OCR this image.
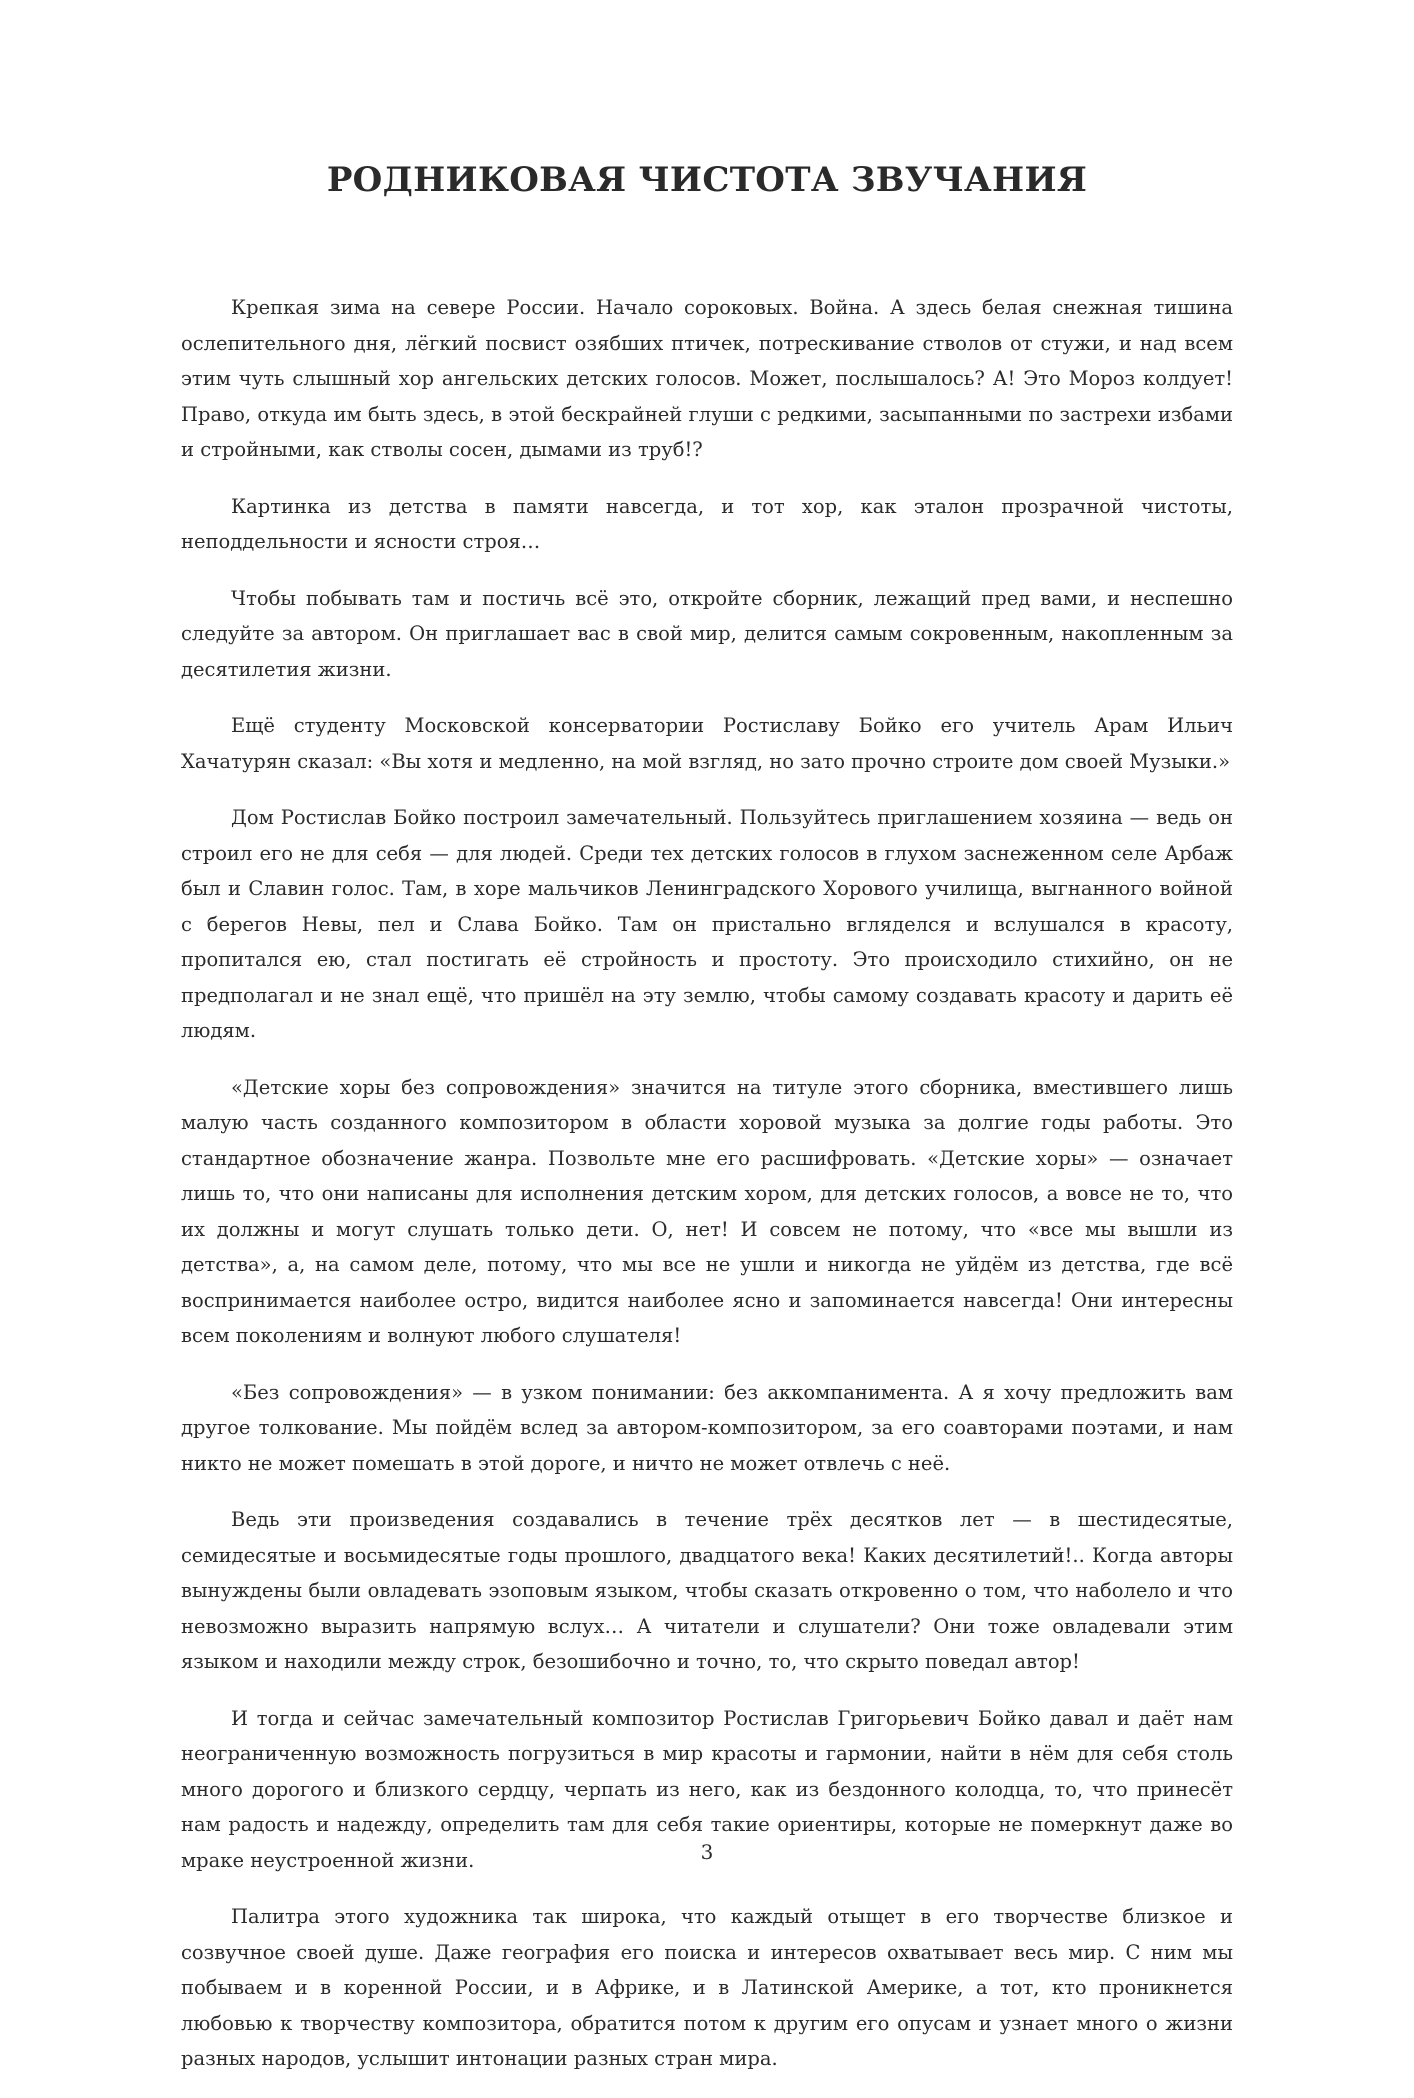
РОДНИКОВАЯ ЧИСТОТА ЗВУЧАНИЯ

Крепкая зима на севере России. Начало сороковых. Война. А здесь белая снежная тишина ослепительного дня, лёгкий посвист озябших птичек, потрескивание стволов от стужи, и над всем этим чуть слышный хор ангельских детских голосов. Может, послышалось? А! Это Мороз колдует! Право, откуда им быть здесь, в этой бескрайней глуши с редкими, засыпанными по застрехи избами и стройными, как стволы сосен, дымами из труб!?

Картинка из детства в памяти навсегда, и тот хор, как эталон прозрачной чистоты, неподдельности и ясности строя…

Чтобы побывать там и постичь всё это, откройте сборник, лежащий пред вами, и неспешно следуйте за автором. Он приглашает вас в свой мир, делится самым сокровенным, накопленным за десятилетия жизни.

Ещё студенту Московской консерватории Ростиславу Бойко его учитель Арам Ильич Хачатурян сказал: «Вы хотя и медленно, на мой взгляд, но зато прочно строите дом своей Музыки.»

Дом Ростислав Бойко построил замечательный. Пользуйтесь приглашением хозяина — ведь он строил его не для себя — для людей. Среди тех детских голосов в глухом заснеженном селе Арбаж был и Славин голос. Там, в хоре мальчиков Ленинградского Хорового училища, выгнанного войной с берегов Невы, пел и Слава Бойко. Там он пристально вглядeлся и вслушался в красоту, пропитался ею, стал постигать её стройность и простоту. Это происходило стихийно, он не предполагал и не знал ещё, что пришёл на эту землю, чтобы самому создавать красоту и дарить её людям.

«Детские хоры без сопровождения» значится на титуле этого сборника, вместившего лишь малую часть созданного композитором в области хоровой музыка за долгие годы работы. Это стандартное обозначение жанра. Позвольте мне его расшифровать. «Детские хоры» — означает лишь то, что они написаны для исполнения детским хором, для детских голосов, а вовсе не то, что их должны и могут слушать только дети. О, нет! И совсем не потому, что «все мы вышли из детства», а, на самом деле, потому, что мы все не ушли и никогда не уйдём из детства, где всё воспринимается наиболее остро, видится наиболее ясно и запоминается навсегда! Они интересны всем поколениям и волнуют любого слушателя!

«Без сопровождения» — в узком понимании: без аккомпанимента. А я хочу предложить вам другое толкование. Мы пойдём вслед за автором-композитором, за его соавторами поэтами, и нам никто не может помешать в этой дороге, и ничто не может отвлечь с неё.

Ведь эти произведения создавались в течение трёх десятков лет — в шестидесятые, семидесятые и восьмидесятые годы прошлого, двадцатого века! Каких десятилетий!.. Когда авторы вынуждены были овладевать эзоповым языком, чтобы сказать откровенно о том, что наболело и что невозможно выразить напрямую вслух… А читатели и слушатели? Они тоже овладевали этим языком и находили между строк, безошибочно и точно, то, что скрыто поведал автор!

И тогда и сейчас замечательный композитор Ростислав Григорьевич Бойко давал и даёт нам неограниченную возможность погрузиться в мир красоты и гармонии, найти в нём для себя столь много дорогого и близкого сердцу, черпать из него, как из бездонного колодца, то, что принесёт нам радость и надежду, определить там для себя такие ориентиры, которые не померкнут даже во мраке неустроенной жизни.

Палитра этого художника так широка, что каждый отыщет в его творчестве близкое и созвучное своей душе. Даже география его поиска и интересов охватывает весь мир. С ним мы побываем и в коренной России, и в Африке, и в Латинской Америке, а тот, кто проникнется любовью к творчеству композитора, обратится потом к другим его опусам и узнает много о жизни разных народов, услышит интонации разных стран мира.

3
